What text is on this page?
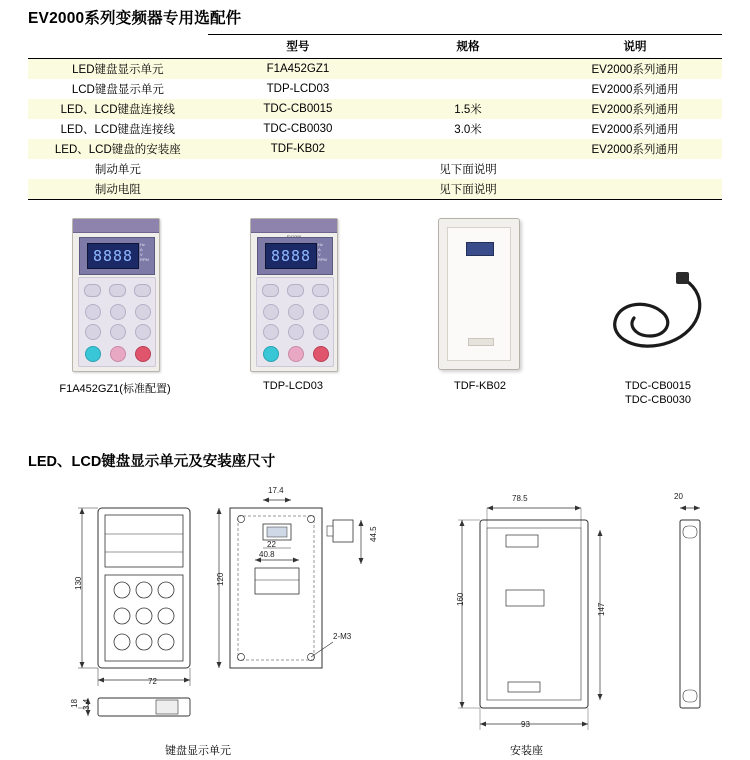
EV2000系列变频器专用选配件
	型号	规格	说明
LED键盘显示单元	F1A452GZ1		EV2000系列通用
LCD键盘显示单元	TDP-LCD03		EV2000系列通用
LED、LCD键盘连接线	TDC-CB0015	1.5米	EV2000系列通用
LED、LCD键盘连接线	TDC-CB0030	3.0米	EV2000系列通用
LED、LCD键盘的安装座	TDF-KB02		EV2000系列通用
制动单元		见下面说明	
制动电阻		见下面说明	
8888
Hz
A
V
RPM
F1A452GZ1(标准配置)
8888
Hz
A
V
RPM
TDP-LCD03	TDF-KB02	TDC-CB0015
TDC-CB0030
LED、LCD键盘显示单元及安装座尺寸
130
72
18 3.4
17.4
22
40.8
44.5
120
2-M3
78.5
160
147
93
20
键盘显示单元	安装座
